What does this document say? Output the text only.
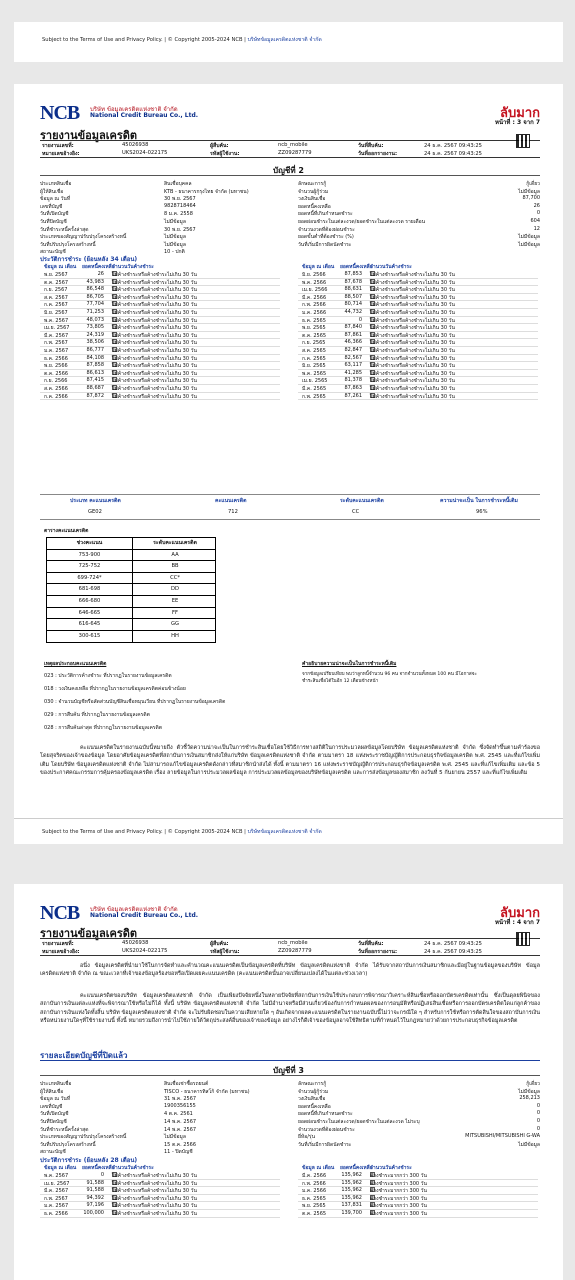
Subject to the Terms of Use and Privacy Policy. | © Copyright 2005-2024 NCB | บริษัทข้อมูลเครดิตแห่งชาติ จำกัด
NCB บริษัท ข้อมูลเครดิตแห่งชาติ จำกัด
National Credit Bureau Co., Ltd.	ลับมาก
หน้าที่ : 3 จาก 7
รายงานข้อมูลเครดิต
รายงานเลขที่:	45026938	ผู้สืบค้น:	ncb_mobile	วันที่สืบค้น:	24 ธ.ค. 2567 09:43:25
หมายเลขอ้างอิง:	UKS2024-022175	รหัสผู้ใช้งาน:	ZZ09287779	วันที่ออกรายงาน:	24 ธ.ค. 2567 09:43:25
บัญชีที่ 2
ประเภทสินเชื่อ	สินเชื่อบุคคล
ผู้ให้สินเชื่อ	KTB - ธนาคารกรุงไทย จำกัด (มหาชน)
ข้อมูล ณ วันที่	30 พ.ย. 2567
เลขที่บัญชี	9828718464
วันที่เปิดบัญชี	8 ม.ค. 2558
วันที่ปิดบัญชี	ไม่มีข้อมูล
วันที่ชำระหนี้ครั้งล่าสุด	30 พ.ย. 2567
ประเภทของสัญญาปรับปรุงโครงสร้างหนี้	ไม่มีข้อมูล
วันที่ปรับปรุงโครงสร้างหนี้	ไม่มีข้อมูล
สถานะบัญชี	10 - ปกติ
ลักษณะการกู้	กู้เดี่ยว
จำนวนผู้กู้ร่วม	ไม่มีข้อมูล
วงเงินสินเชื่อ	87,700
ยอดหนี้คงเหลือ	26
ยอดหนี้ที่เกินกำหนดชำระ	0
ยอดผ่อนชำระในแต่ละงวด/ยอดชำระในแต่ละงวด รายเดือน	604
จำนวนงวดที่ต้องผ่อนชำระ	12
ยอดขั้นต่ำที่ต้องชำระ (%)	ไม่มีข้อมูล
วันที่เริ่มมีการผิดนัดชำระ	ไม่มีข้อมูล
ประวัติการชำระ (ย้อนหลัง 34 เดือน)
ข้อมูล ณ เดือน ยอดหนี้คงเหลือ
จำนวนวันค้างชำระ
พ.ย. 2567	26 ไม่ค้างชำระหรือค้างชำระไม่เกิน 30 วัน
ต.ค. 2567	43,983 ไม่ค้างชำระหรือค้างชำระไม่เกิน 30 วัน
ก.ย. 2567	86,548 ไม่ค้างชำระหรือค้างชำระไม่เกิน 30 วัน
ส.ค. 2567	86,705 ไม่ค้างชำระหรือค้างชำระไม่เกิน 30 วัน
ก.ค. 2567	77,704 ไม่ค้างชำระหรือค้างชำระไม่เกิน 30 วัน
มิ.ย. 2567	71,253 ไม่ค้างชำระหรือค้างชำระไม่เกิน 30 วัน
พ.ค. 2567	48,073 ไม่ค้างชำระหรือค้างชำระไม่เกิน 30 วัน
เม.ย. 2567	73,805 ไม่ค้างชำระหรือค้างชำระไม่เกิน 30 วัน
มี.ค. 2567	24,319 ไม่ค้างชำระหรือค้างชำระไม่เกิน 30 วัน
ก.พ. 2567	38,506 ไม่ค้างชำระหรือค้างชำระไม่เกิน 30 วัน
ม.ค. 2567	86,777 ไม่ค้างชำระหรือค้างชำระไม่เกิน 30 วัน
ธ.ค. 2566	84,108 ไม่ค้างชำระหรือค้างชำระไม่เกิน 30 วัน
พ.ย. 2566	87,858 ไม่ค้างชำระหรือค้างชำระไม่เกิน 30 วัน
ต.ค. 2566	86,613 ไม่ค้างชำระหรือค้างชำระไม่เกิน 30 วัน
ก.ย. 2566	87,415 ไม่ค้างชำระหรือค้างชำระไม่เกิน 30 วัน
ส.ค. 2566	88,687 ไม่ค้างชำระหรือค้างชำระไม่เกิน 30 วัน
ก.ค. 2566	87,872 ไม่ค้างชำระหรือค้างชำระไม่เกิน 30 วัน
ข้อมูล ณ เดือน ยอดหนี้คงเหลือ
จำนวนวันค้างชำระ
มิ.ย. 2566	87,853 ไม่ค้างชำระหรือค้างชำระไม่เกิน 30 วัน
พ.ค. 2566	87,678 ไม่ค้างชำระหรือค้างชำระไม่เกิน 30 วัน
เม.ย. 2566	88,631 ไม่ค้างชำระหรือค้างชำระไม่เกิน 30 วัน
มี.ค. 2566	88,507 ไม่ค้างชำระหรือค้างชำระไม่เกิน 30 วัน
ก.พ. 2566	80,714 ไม่ค้างชำระหรือค้างชำระไม่เกิน 30 วัน
ม.ค. 2566	44,732 ไม่ค้างชำระหรือค้างชำระไม่เกิน 30 วัน
ธ.ค. 2565	0 ไม่ค้างชำระหรือค้างชำระไม่เกิน 30 วัน
พ.ย. 2565	87,840 ไม่ค้างชำระหรือค้างชำระไม่เกิน 30 วัน
ต.ค. 2565	87,861 ไม่ค้างชำระหรือค้างชำระไม่เกิน 30 วัน
ก.ย. 2565	46,366 ไม่ค้างชำระหรือค้างชำระไม่เกิน 30 วัน
ส.ค. 2565	82,847 ไม่ค้างชำระหรือค้างชำระไม่เกิน 30 วัน
ก.ค. 2565	82,567 ไม่ค้างชำระหรือค้างชำระไม่เกิน 30 วัน
มิ.ย. 2565	63,117 ไม่ค้างชำระหรือค้างชำระไม่เกิน 30 วัน
พ.ค. 2565	41,285 ไม่ค้างชำระหรือค้างชำระไม่เกิน 30 วัน
เม.ย. 2565	81,378 ไม่ค้างชำระหรือค้างชำระไม่เกิน 30 วัน
มี.ค. 2565	87,863 ไม่ค้างชำระหรือค้างชำระไม่เกิน 30 วัน
ก.พ. 2565	87,261 ไม่ค้างชำระหรือค้างชำระไม่เกิน 30 วัน
ประเภท คะแนนเครดิต	คะแนนเครดิต	ระดับคะแนนเครดิต	ความน่าจะเป็น ในการชำระหนี้เดิม
GE02	712	CC	96%
ตารางคะแนนเครดิต
ช่วงคะแนน	ระดับคะแนนเครดิต
753-900	AA
725-752	BB
699-724*	CC*
681-698	DD
666-680	EE
646-665	FF
616-645	GG
300-615	HH
เหตุผลประกอบคะแนนเครดิต
023 : ประวัติการค้างชำระ ที่ปรากฏในรายงานข้อมูลเครดิต
018 : วงเงินคงเหลือ ที่ปรากฏในรายงานข้อมูลเครดิตค่อนข้างน้อย
030 : จำนวนบัญชีหรือสัดส่วนบัญชีสินเชื่อหมุนเวียน ที่ปรากฏในรายงานข้อมูลเครดิต
029 : การสืบค้น ที่ปรากฏในรายงานข้อมูลเครดิต
028 : การสืบค้นล่าสุด ที่ปรากฏในรายงานข้อมูลเครดิต
คำอธิบายความน่าจะเป็นในการชำระหนี้เดิม
จากข้อมูลเปรียบเทียบ พบว่าลูกหนี้จำนวน 96 คน จากจำนวนทั้งหมด 100 คน มีโอกาสจะ
ชำระสินเชื่อได้ในอีก 12 เดือนข้างหน้า
คะแนนเครดิตในรายงานฉบับนี้หมายถึง ตัวชี้วัดความน่าจะเป็นในการชำระสินเชื่อโดยใช้วิธีการทางสถิติในการประมวลผลข้อมูลโดยบริษัท ข้อมูลเครดิตแห่งชาติ จำกัด ซึ่งจัดทำขึ้นตามคำร้องขอโดยสุจริตของเจ้าของข้อมูล โดยอาศัยข้อมูลเครดิตที่สถาบันการเงินสมาชิกส่งให้แก่บริษัท ข้อมูลเครดิตแห่งชาติ จำกัด ตามมาตรา 18 แห่งพระราชบัญญัติการประกอบธุรกิจข้อมูลเครดิต พ.ศ. 2545 และที่แก้ไขเพิ่มเติม โดยบริษัท ข้อมูลเครดิตแห่งชาติ จำกัด ไม่สามารถแก้ไขข้อมูลเครดิตดังกล่าวที่สมาชิกนำส่งได้ ทั้งนี้ ตามมาตรา 16 แห่งพระราชบัญญัติการประกอบธุรกิจข้อมูลเครดิต พ.ศ. 2545 และที่แก้ไขเพิ่มเติม และข้อ 5 ของประกาศคณะกรรมการคุ้มครองข้อมูลเครดิต เรื่อง ลายข้อมูลในการประมวลผลข้อมูล การประมวลผลข้อมูลของบริษัทข้อมูลเครดิต และการส่งข้อมูลของสมาชิก ลงวันที่ 5 กันยายน 2557 และที่แก้ไขเพิ่มเติม
Subject to the Terms of Use and Privacy Policy. | © Copyright 2005-2024 NCB | บริษัทข้อมูลเครดิตแห่งชาติ จำกัด
NCB บริษัท ข้อมูลเครดิตแห่งชาติ จำกัด
National Credit Bureau Co., Ltd.	ลับมาก
หน้าที่ : 4 จาก 7
รายงานข้อมูลเครดิต
รายงานเลขที่:	45026938	ผู้สืบค้น:	ncb_mobile	วันที่สืบค้น:	24 ธ.ค. 2567 09:43:25
หมายเลขอ้างอิง:	UKS2024-022175	รหัสผู้ใช้งาน:	ZZ09287779	วันที่ออกรายงาน:	24 ธ.ค. 2567 09:43:25
อนึ่ง ข้อมูลเครดิตที่นำมาใช้ในการจัดทำและคำนวณคะแนนเครดิตเป็นข้อมูลเครดิตที่บริษัท ข้อมูลเครดิตแห่งชาติ จำกัด ได้รับจากสถาบันการเงินสมาชิกและมีอยู่ในฐานข้อมูลของบริษัท ข้อมูลเครดิตแห่งชาติ จำกัด ณ ขณะเวลาที่เจ้าของข้อมูลร้องขอหรือเปิดเผยคะแนนเครดิต (คะแนนเครดิตนั้นอาจเปลี่ยนแปลงได้ในแต่ละช่วงเวลา)
คะแนนเครดิตของบริษัท ข้อมูลเครดิตแห่งชาติ จำกัด เป็นเพียงปัจจัยหนึ่งในหลายปัจจัยที่สถาบันการเงินใช้ประกอบการพิจารณาวิเคราะห์สินเชื่อหรือออกบัตรเครดิตเท่านั้น ซึ่งเป็นดุลยพินิจของสถาบันการเงินแต่ละแห่งที่จะพิจารณาใช้หรือไม่ก็ได้ ทั้งนี้ บริษัท ข้อมูลเครดิตแห่งชาติ จำกัด ไม่มีอำนาจหรือมีส่วนเกี่ยวข้องกับการกำหนดผลของการอนุมัติหรือปฏิเสธสินเชื่อหรือการออกบัตรเครดิตใดแก่ลูกค้าของสถาบันการเงินแห่งใดทั้งสิ้น บริษัท ข้อมูลเครดิตแห่งชาติ จำกัด จะไม่รับผิดชอบในความเสียหายใด ๆ อันเกิดจากผลคะแนนเครดิตในรายงานฉบับนี้ไม่ว่าจะกรณีใด ๆ สำหรับการใช้หรือการตัดสินใจของสถาบันการเงินหรือหน่วยงานใดๆที่ใช้รายงานนี้ ทั้งนี้ หมายรวมถึงการนำไปใช้ภายใต้วัตถุประสงค์อื่นของเจ้าของข้อมูล อย่างไรก็ดีเจ้าของข้อมูลอาจใช้สิทธิตามที่กำหนดไว้ในกฎหมายว่าด้วยการประกอบธุรกิจข้อมูลเครดิต
รายละเอียดบัญชีที่ปิดแล้ว
บัญชีที่ 3
ประเภทสินเชื่อ	สินเชื่อเช่าซื้อรถยนต์
ผู้ให้สินเชื่อ	TISCO - ธนาคารทิสโก้ จำกัด (มหาชน)
ข้อมูล ณ วันที่	31 พ.ค. 2567
เลขที่บัญชี	1900356155
วันที่เปิดบัญชี	4 ต.ค. 2561
วันที่ปิดบัญชี	14 พ.ค. 2567
วันที่ชำระหนี้ครั้งล่าสุด	14 พ.ค. 2567
ประเภทของสัญญาปรับปรุงโครงสร้างหนี้	ไม่มีข้อมูล
วันที่ปรับปรุงโครงสร้างหนี้	15 ต.ค. 2566
สถานะบัญชี	11 - ปิดบัญชี
ลักษณะการกู้	กู้เดี่ยว
จำนวนผู้กู้ร่วม	ไม่มีข้อมูล
วงเงินสินเชื่อ	258,213
ยอดหนี้คงเหลือ	0
ยอดหนี้ที่เกินกำหนดชำระ	0
ยอดผ่อนชำระในแต่ละงวด/ยอดชำระในแต่ละงวด ไม่ระบุ	0
จำนวนงวดที่ต้องผ่อนชำระ	0
ยี่ห้อ/รุ่น	MITSUBISHI/MITSUBISHI G-WA
วันที่เริ่มมีการผิดนัดชำระ	ไม่มีข้อมูล
ประวัติการชำระ (ย้อนหลัง 28 เดือน)
ข้อมูล ณ เดือน ยอดหนี้คงเหลือ
จำนวนวันค้างชำระ
พ.ค. 2567	0 ไม่ค้างชำระหรือค้างชำระไม่เกิน 30 วัน
เม.ย. 2567	91,588 ไม่ค้างชำระหรือค้างชำระไม่เกิน 30 วัน
มี.ค. 2567	91,588 ไม่ค้างชำระหรือค้างชำระไม่เกิน 30 วัน
ก.พ. 2567	94,392 ไม่ค้างชำระหรือค้างชำระไม่เกิน 30 วัน
ม.ค. 2567	97,196 ไม่ค้างชำระหรือค้างชำระไม่เกิน 30 วัน
ธ.ค. 2566	100,000 ไม่ค้างชำระหรือค้างชำระไม่เกิน 30 วัน
ข้อมูล ณ เดือน ยอดหนี้คงเหลือ
จำนวนวันค้างชำระ
มี.ค. 2566	135,962 ค้างชำระมากกว่า 300 วัน
ก.พ. 2566	135,962 ค้างชำระมากกว่า 300 วัน
ม.ค. 2566	135,962 ค้างชำระมากกว่า 300 วัน
ธ.ค. 2565	135,962 ค้างชำระมากกว่า 300 วัน
พ.ย. 2565	137,831 ค้างชำระมากกว่า 300 วัน
ต.ค. 2565	139,700 ค้างชำระมากกว่า 300 วัน
